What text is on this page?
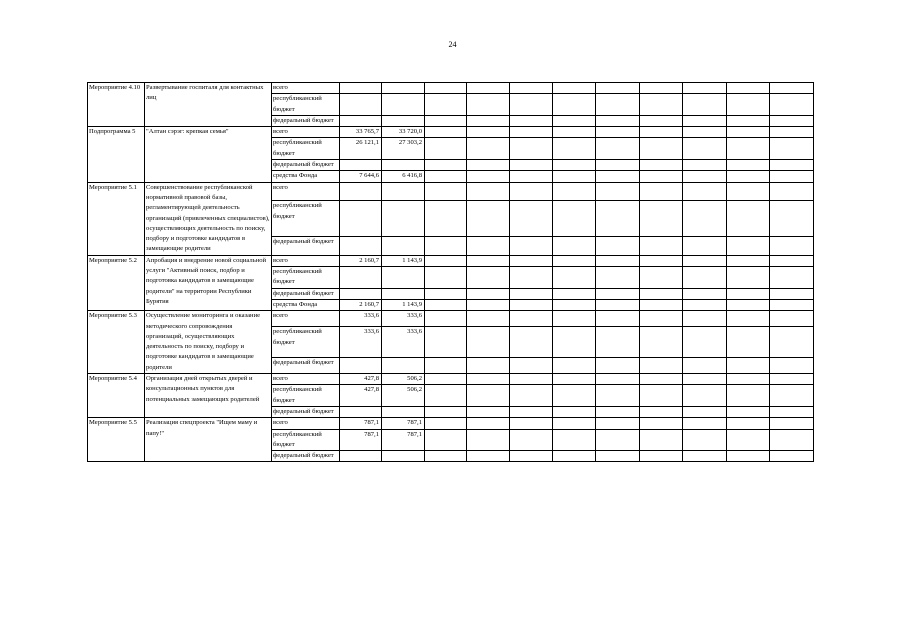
24
Мероприятие 4.10	Развертывание госпиталя для контактных лиц	всего											
		республиканский бюджет											
		федеральный бюджет											
Подпрограмма 5	"Алтан сэрэг: крепкая семья"	всего	33 765,7	33 720,0									
		республиканский бюджет	26 121,1	27 303,2									
		федеральный бюджет											
		средства Фонда	7 644,6	6 416,8									
Мероприятие 5.1	Совершенствование республиканской нормативной правовой базы, регламентирующей деятельность организаций (привлеченных специалистов), осуществляющих деятельность по поиску, подбору и подготовке кандидатов в замещающие родители	всего											
		республиканский бюджет											
		федеральный бюджет											
Мероприятие 5.2	Апробация и внедрение новой социальной услуги "Активный поиск, подбор и подготовка кандидатов в замещающие родители" на территории Республики Бурятия	всего	2 160,7	1 143,9									
		республиканский бюджет											
		федеральный бюджет											
		средства Фонда	2 160,7	1 143,9									
Мероприятие 5.3	Осуществление мониторинга и оказание методического сопровождения организаций, осуществляющих деятельность по поиску, подбору и подготовке кандидатов в замещающие родители	всего	333,6	333,6									
		республиканский бюджет	333,6	333,6									
		федеральный бюджет											
Мероприятие 5.4	Организация дней открытых дверей и консультационных пунктов для потенциальных замещающих родителей	всего	427,8	506,2									
		республиканский бюджет	427,8	506,2									
		федеральный бюджет											
Мероприятие 5.5	Реализация спецпроекта "Ищем маму и папу!"	всего	787,1	787,1									
		республиканский бюджет	787,1	787,1									
		федеральный бюджет											
